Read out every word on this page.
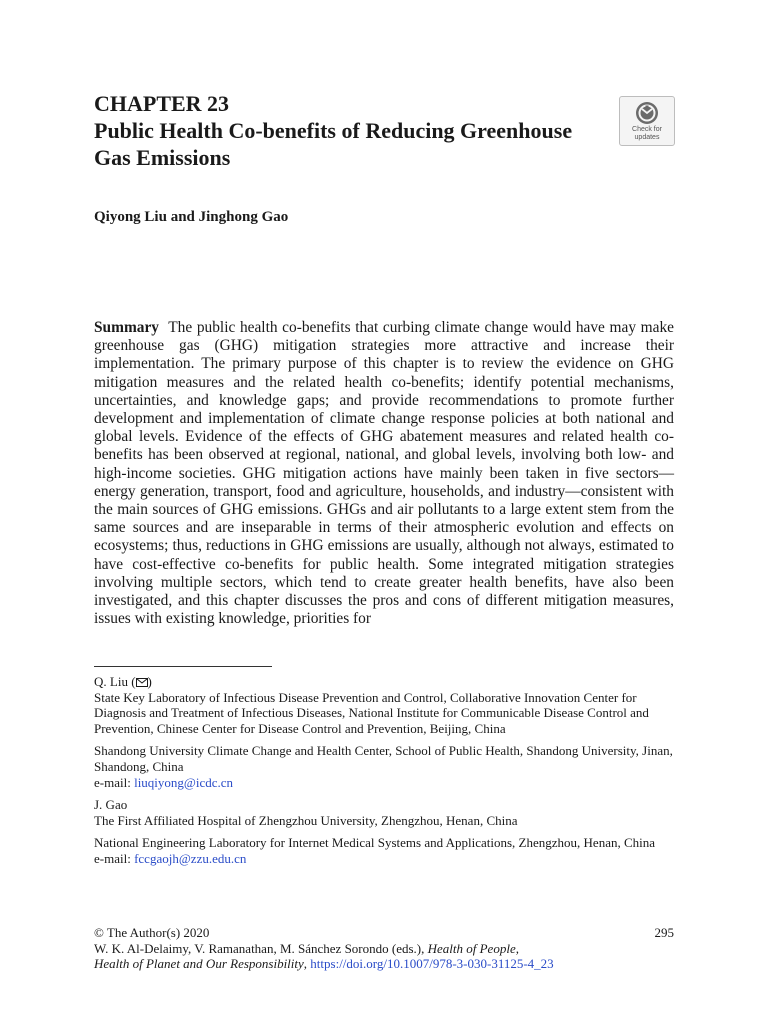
CHAPTER 23
Public Health Co-benefits of Reducing Greenhouse Gas Emissions
Check for
updates
Qiyong Liu and Jinghong Gao
Summary The public health co-benefits that curbing climate change would have may make greenhouse gas (GHG) mitigation strategies more attractive and increase their implementation. The primary purpose of this chapter is to review the evidence on GHG mitigation measures and the related health co-benefits; identify potential mechanisms, uncertainties, and knowledge gaps; and provide recommendations to promote further development and implementation of climate change response policies at both national and global levels. Evidence of the effects of GHG abatement measures and related health co-benefits has been observed at regional, national, and global levels, involving both low- and high-income societies. GHG mitigation actions have mainly been taken in five sectors—energy generation, transport, food and agriculture, households, and industry—consistent with the main sources of GHG emissions. GHGs and air pollutants to a large extent stem from the same sources and are inseparable in terms of their atmospheric evolution and effects on ecosystems; thus, reductions in GHG emissions are usually, although not always, estimated to have cost-effective co-benefits for public health. Some integrated mitigation strategies involving multiple sectors, which tend to create greater health benefits, have also been investigated, and this chapter discusses the pros and cons of different mitigation measures, issues with existing knowledge, priorities for

Q. Liu ( )

State Key Laboratory of Infectious Disease Prevention and Control, Collaborative Innovation Center for Diagnosis and Treatment of Infectious Diseases, National Institute for Communicable Disease Control and Prevention, Chinese Center for Disease Control and Prevention, Beijing, China

Shandong University Climate Change and Health Center, School of Public Health, Shandong University, Jinan, Shandong, China

e-mail: liuqiyong@icdc.cn

J. Gao

The First Affiliated Hospital of Zhengzhou University, Zhengzhou, Henan, China

National Engineering Laboratory for Internet Medical Systems and Applications, Zhengzhou, Henan, China

e-mail: fccgaojh@zzu.edu.cn

© The Author(s) 2020

W. K. Al-Delaimy, V. Ramanathan, M. Sánchez Sorondo (eds.), Health of People,

Health of Planet and Our Responsibility, https://doi.org/10.1007/978-3-030-31125-4_23

295
